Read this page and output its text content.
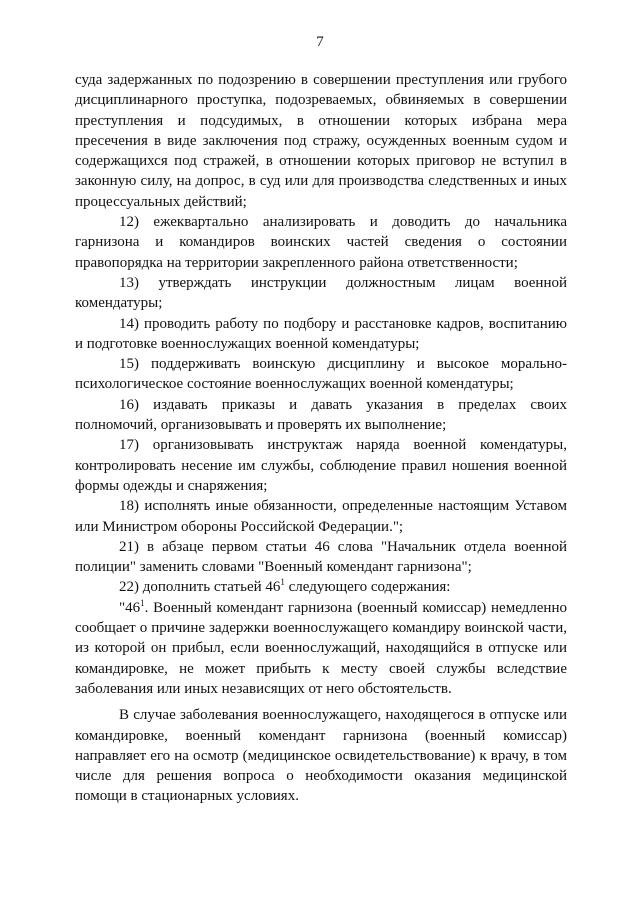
7

суда задержанных по подозрению в совершении преступления или грубого дисциплинарного проступка, подозреваемых, обвиняемых в совершении преступления и подсудимых, в отношении которых избрана мера пресечения в виде заключения под стражу, осужденных военным судом и содержащихся под стражей, в отношении которых приговор не вступил в законную силу, на допрос, в суд или для производства следственных и иных процессуальных действий;

12) ежеквартально анализировать и доводить до начальника гарнизона и командиров воинских частей сведения о состоянии правопорядка на территории закрепленного района ответственности;

13) утверждать инструкции должностным лицам военной комендатуры;

14) проводить работу по подбору и расстановке кадров, воспитанию и подготовке военнослужащих военной комендатуры;

15) поддерживать воинскую дисциплину и высокое морально-психологическое состояние военнослужащих военной комендатуры;

16) издавать приказы и давать указания в пределах своих полномочий, организовывать и проверять их выполнение;

17) организовывать инструктаж наряда военной комендатуры, контролировать несение им службы, соблюдение правил ношения военной формы одежды и снаряжения;

18) исполнять иные обязанности, определенные настоящим Уставом или Министром обороны Российской Федерации.";

21) в абзаце первом статьи 46 слова "Начальник отдела военной полиции" заменить словами "Военный комендант гарнизона";

22) дополнить статьей $46^1$ следующего содержания:

"$46^1$. Военный комендант гарнизона (военный комиссар) немедленно сообщает о причине задержки военнослужащего командиру воинской части, из которой он прибыл, если военнослужащий, находящийся в отпуске или командировке, не может прибыть к месту своей службы вследствие заболевания или иных независящих от него обстоятельств.

В случае заболевания военнослужащего, находящегося в отпуске или командировке, военный комендант гарнизона (военный комиссар) направляет его на осмотр (медицинское освидетельствование) к врачу, в том числе для решения вопроса о необходимости оказания медицинской помощи в стационарных условиях.
